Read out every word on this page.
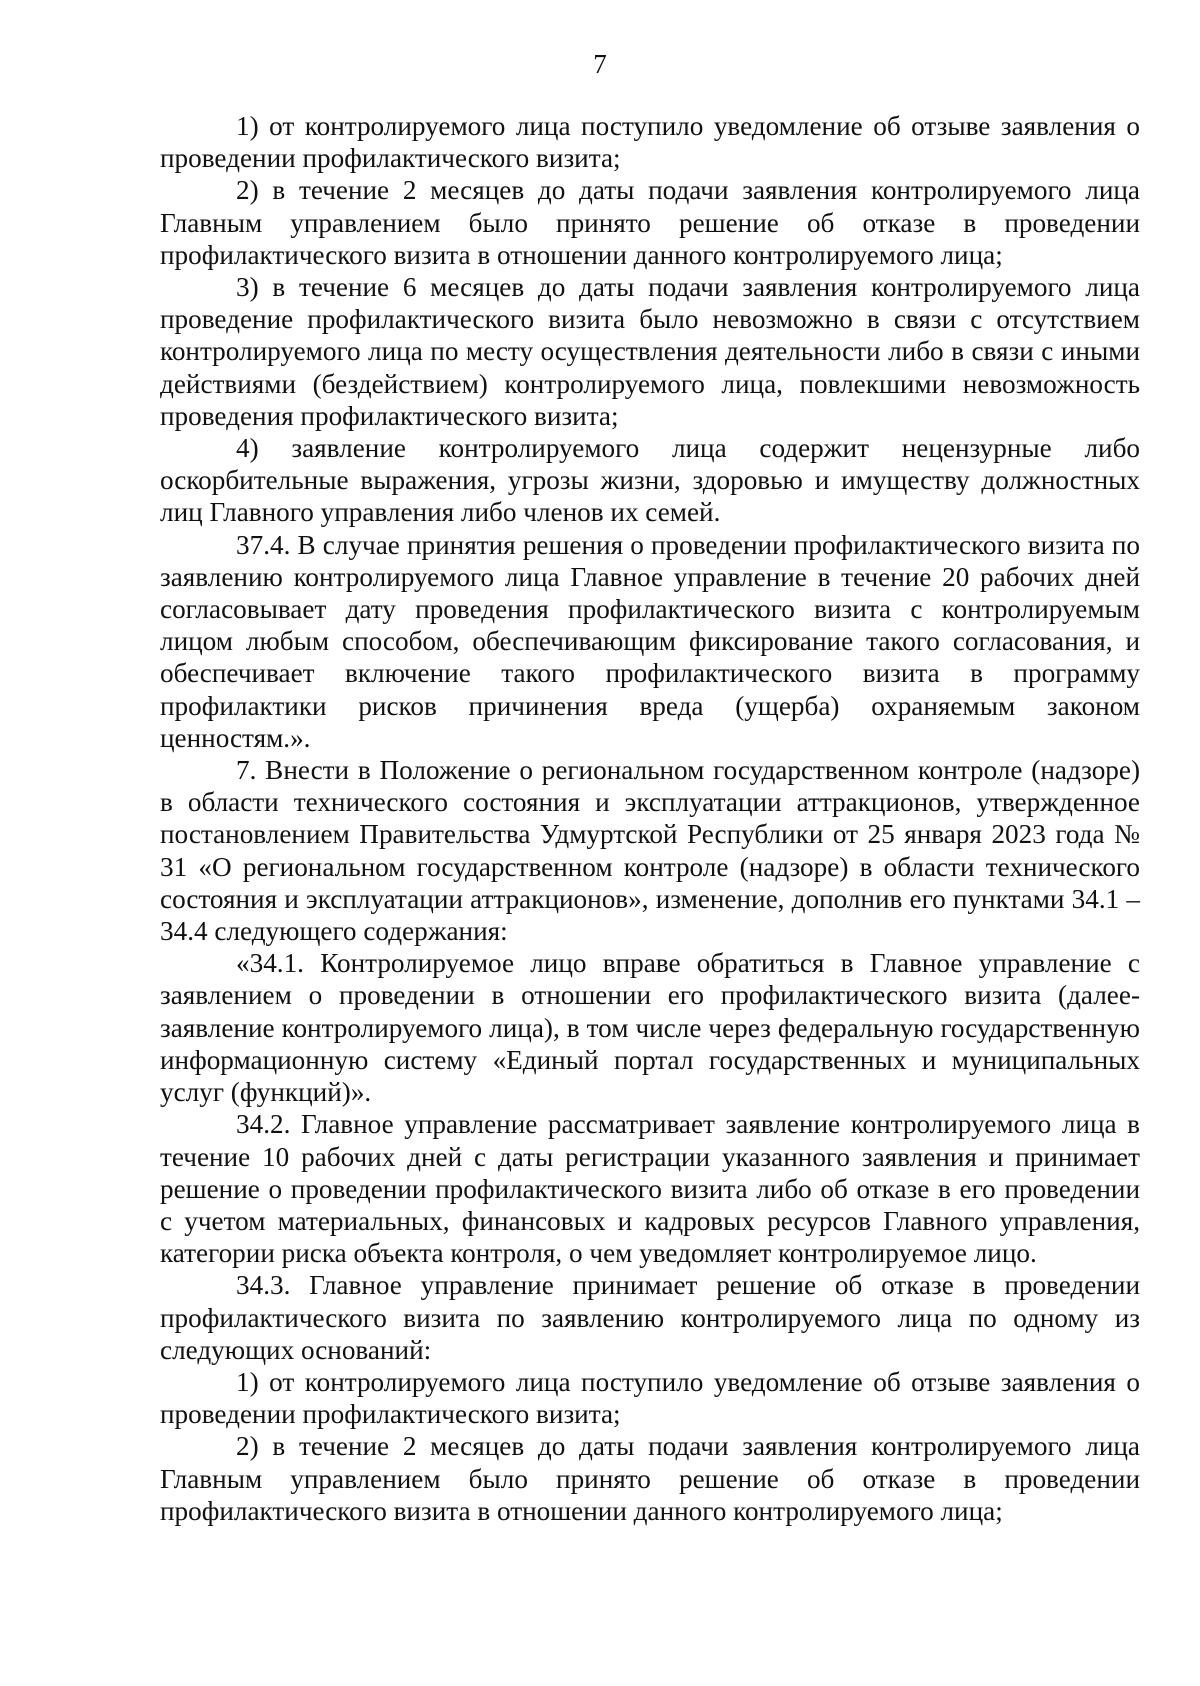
7

1) от контролируемого лица поступило уведомление об отзыве заявления о проведении профилактического визита;

2) в течение 2 месяцев до даты подачи заявления контролируемого лица Главным управлением было принято решение об отказе в проведении профилактического визита в отношении данного контролируемого лица;

3) в течение 6 месяцев до даты подачи заявления контролируемого лица проведение профилактического визита было невозможно в связи с отсутствием контролируемого лица по месту осуществления деятельности либо в связи с иными действиями (бездействием) контролируемого лица, повлекшими невозможность проведения профилактического визита;

4) заявление контролируемого лица содержит нецензурные либо оскорбительные выражения, угрозы жизни, здоровью и имуществу должностных лиц Главного управления либо членов их семей.

37.4. В случае принятия решения о проведении профилактического визита по заявлению контролируемого лица Главное управление в течение 20 рабочих дней согласовывает дату проведения профилактического визита с контролируемым лицом любым способом, обеспечивающим фиксирование такого согласования, и обеспечивает включение такого профилактического визита в программу профилактики рисков причинения вреда (ущерба) охраняемым законом ценностям.».

7. Внести в Положение о региональном государственном контроле (надзоре) в области технического состояния и эксплуатации аттракционов, утвержденное постановлением Правительства Удмуртской Республики от 25 января 2023 года № 31 «О региональном государственном контроле (надзоре) в области технического состояния и эксплуатации аттракционов», изменение, дополнив его пунктами 34.1 – 34.4 следующего содержания:

«34.1. Контролируемое лицо вправе обратиться в Главное управление с заявлением о проведении в отношении его профилактического визита (далее- заявление контролируемого лица), в том числе через федеральную государственную информационную систему «Единый портал государственных и муниципальных услуг (функций)».

34.2. Главное управление рассматривает заявление контролируемого лица в течение 10 рабочих дней с даты регистрации указанного заявления и принимает решение о проведении профилактического визита либо об отказе в его проведении с учетом материальных, финансовых и кадровых ресурсов Главного управления, категории риска объекта контроля, о чем уведомляет контролируемое лицо.

34.3. Главное управление принимает решение об отказе в проведении профилактического визита по заявлению контролируемого лица по одному из следующих оснований:

1) от контролируемого лица поступило уведомление об отзыве заявления о проведении профилактического визита;

2) в течение 2 месяцев до даты подачи заявления контролируемого лица Главным управлением было принято решение об отказе в проведении профилактического визита в отношении данного контролируемого лица;
